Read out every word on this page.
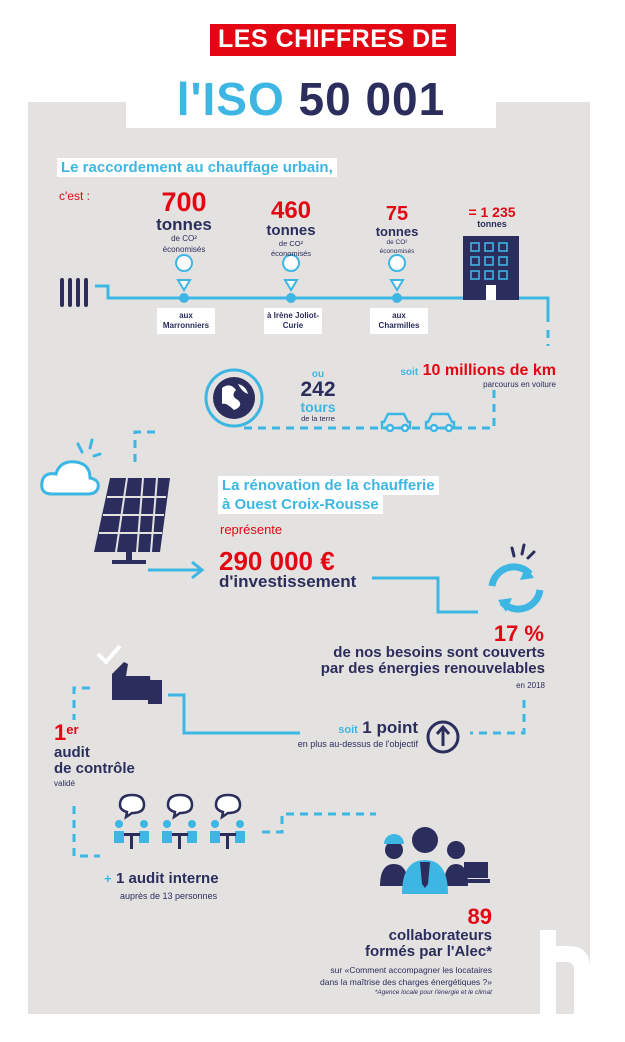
LES CHIFFRES DE
l'ISO 50 001
Le raccordement au chauffage urbain,
c'est :	700
tonnes
de CO²
économisés
460
tonnes
de CO²
économisés
75
tonnes
de CO²
économisés
aux Marronniers
à Irène Joliot-Curie
aux Charmilles
= 1 235
tonnes
soit 10 millions de km
parcourus en voiture
ou
242
tours
de la terre
La rénovation de la chaufferie
à Ouest Croix-Rousse
représente
290 000 €
d'investissement
17 %
de nos besoins sont couverts
par des énergies renouvelables
en 2018
soit 1 point
en plus au-dessus de l'objectif
1er
audit
de contrôle
validé
+ 1 audit interne
auprès de 13 personnes
89
collaborateurs
formés par l'Alec*
sur «Comment accompagner les locataires
dans la maîtrise des charges énergétiques ?»
*Agence locale pour l'énergie et le climat
